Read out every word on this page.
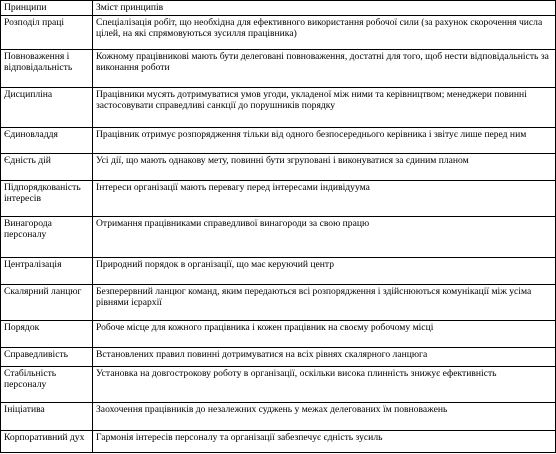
Принципи	Зміст принципів
Розподіл праці	Спеціалізація робіт, що необхідна для ефективного використання робочої сили (за рахунок скорочення числа цілей, на які спрямовуються зусилля працівника)
Повноваження і відповідальність	Кожному працівникові мають бути делеговані повноваження, достатні для того, щоб нести відповідальність за виконання роботи
Дисципліна	Працівники мусять дотримуватися умов угоди, укладеної між ними та керівництвом; менеджери повинні застосовувати справедливі санкції до порушників порядку
Єдиновладдя	Працівник отримує розпорядження тільки від одного безпосереднього керівника і звітує лише перед ним
Єдність дій	Усі дії, що мають однакову мету, повинні бути згруповані і виконуватися за єдиним планом
Підпорядкованість інтересів	Інтереси організації мають перевагу перед інтересами індивідуума
Винагорода персоналу	Отримання працівниками справедливої винагороди за свою працю
Централізація	Природний порядок в організації, що має керуючий центр
Скалярний ланцюг	Безперервний ланцюг команд, яким передаються всі розпорядження і здійснюються комунікації між усіма рівнями ієрархії
Порядок	Робоче місце для кожного працівника і кожен працівник на своєму робочому місці
Справедливість	Встановлених правил повинні дотримуватися на всіх рівнях скалярного ланцюга
Стабільність персоналу	Установка на довгострокову роботу в організації, оскільки висока плинність знижує ефективність
Ініціатива	Заохочення працівників до незалежних суджень у межах делегованих їм повноважень
Корпоративний дух	Гармонія інтересів персоналу та організації забезпечує єдність зусиль
